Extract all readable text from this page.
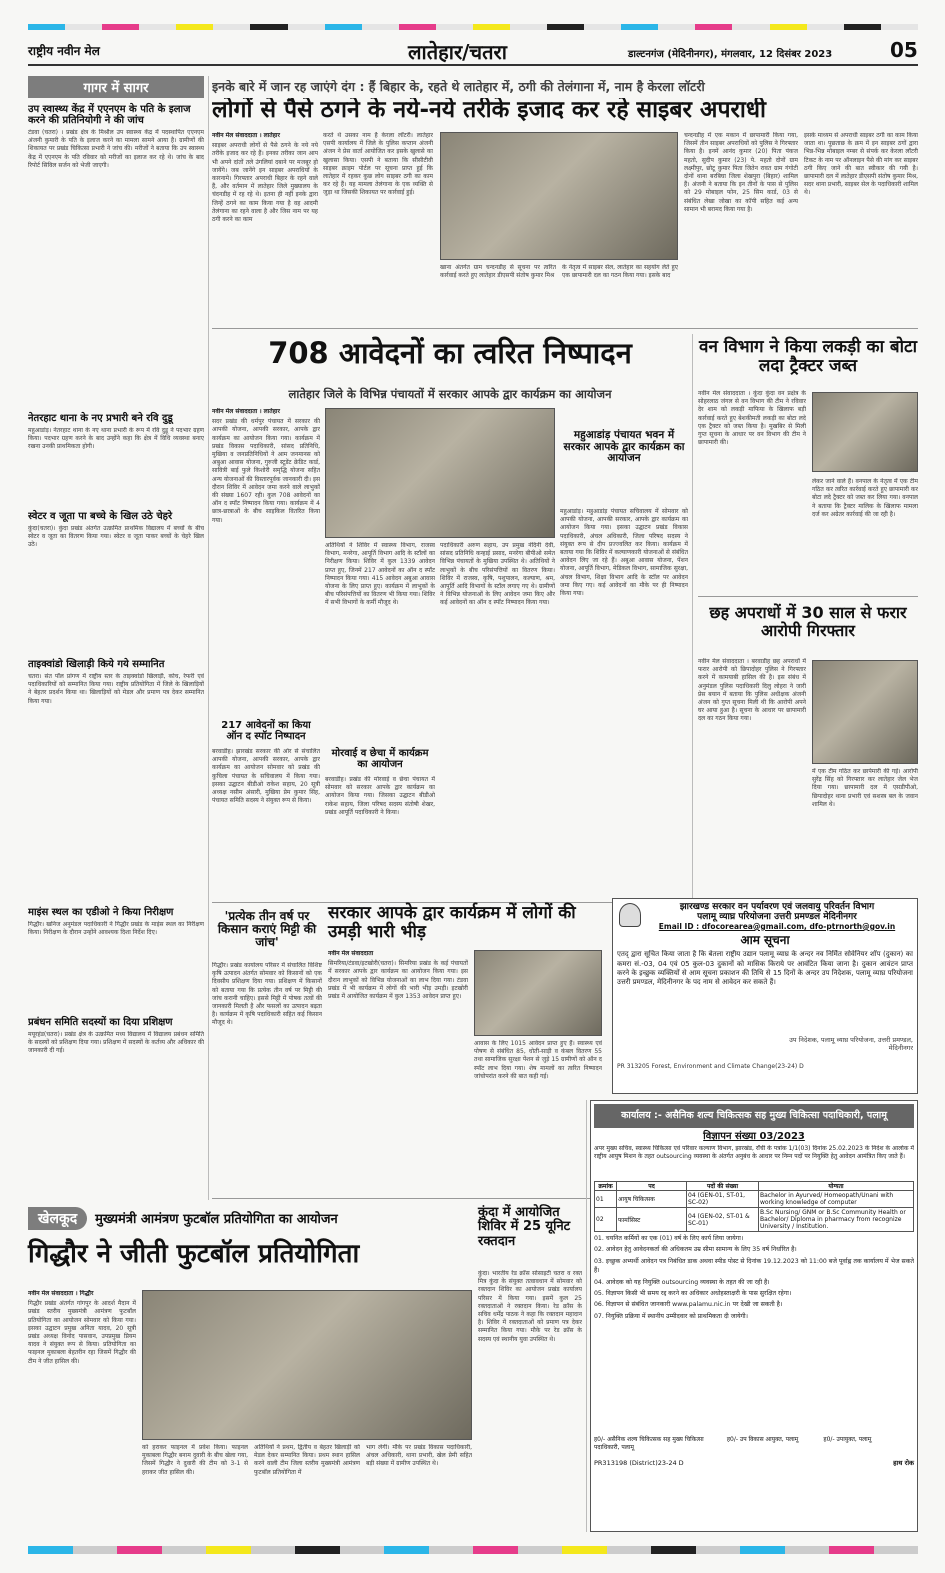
राष्ट्रीय नवीन मेल	लातेहार/चतरा	डाल्टनगंज (मेदिनीनगर), मंगलवार, 12 दिसंबर 2023	05
गागर में सागर
उप स्वास्थ्य केंद्र में एएनएम के पति के इलाज करने की प्रतिनियोगी ने की जांच
टंडवा (चतरा) । प्रखंड क्षेत्र के मिश्रौल उप स्वास्थ्य केंद्र में पदस्थापित एएनएम अंजनी कुमारी के पति के इलाज करने का मामला सामने आया है। ग्रामीणों की शिकायत पर प्रखंड चिकित्सा प्रभारी ने जांच की। मरीजों ने बताया कि उप स्वास्थ्य केंद्र में एएनएम के पति रविवार को मरीजों का इलाज कर रहे थे। जांच के बाद रिपोर्ट सिविल सर्जन को भेजी जाएगी।
नेतरहाट थाना के नए प्रभारी बने रवि दुडू
महुआडांड़। नेतरहाट थाना के नए थाना प्रभारी के रूप में रवि दुडू ने पदभार ग्रहण किया। पदभार ग्रहण करने के बाद उन्होंने कहा कि क्षेत्र में विधि व्यवस्था बनाए रखना उनकी प्राथमिकता होगी।
स्वेटर व जूता पा बच्चे के खिल उठे चेहरे
कुंदा(चतरा)। कुंदा प्रखंड अंतर्गत उत्क्रमित प्राथमिक विद्यालय में बच्चों के बीच स्वेटर व जूता का वितरण किया गया। स्वेटर व जूता पाकर बच्चों के चेहरे खिल उठे।
ताइक्वांडो खिलाड़ी किये गये सम्मानित
चतरा। संत पॉल प्रांगण में राष्ट्रीय स्तर के ताइक्वांडो खिलाड़ी, कोच, रेफरी एवं पदाधिकारियों को सम्मानित किया गया। राष्ट्रीय प्रतियोगिता में जिले के खिलाड़ियों ने बेहतर प्रदर्शन किया था। खिलाड़ियों को मेडल और प्रमाण पत्र देकर सम्मानित किया गया।
माइंस स्थल का एडीओ ने किया निरीक्षण
गिद्धौर। खनिज अनुमंडल पदाधिकारी ने गिद्धौर प्रखंड के माइंस स्थल का निरीक्षण किया। निरीक्षण के दौरान उन्होंने आवश्यक दिशा निर्देश दिए।
प्रबंधन समिति सदस्यों का दिया प्रशिक्षण
मयूरहंड(चतरा)। प्रखंड क्षेत्र के उत्क्रमित मध्य विद्यालय में विद्यालय प्रबंधन समिति के सदस्यों को प्रशिक्षण दिया गया। प्रशिक्षण में सदस्यों के कर्तव्य और अधिकार की जानकारी दी गई।
इनके बारे में जान रह जाएंगे दंग : हैं बिहार के, रहते थे लातेहार में, ठगी की तेलंगाना में, नाम है केरला लॉटरी
लोगों से पैसे ठगने के नये-नये तरीके इजाद कर रहे साइबर अपराधी

नवीन मेल संवाददाता । लातेहार

साइबर अपराधी लोगों से पैसे ठगने के नये नये तरीके इजाद कर रहे हैं। इनका तरीका जान आप भी अपने दांतों तले उंगलियां दबाने पर मजबूर हो जायेंगे। जब जानेंगे इन साइबर अपराधियों के कारनामे। गिरफ्तार अपराधी बिहार के रहने वाले हैं, और वर्तमान में लातेहार जिले मुख्यालय के चंदनडीह में रह रहे थे। इतना ही नहीं इनके द्वारा जिन्हें ठगने का काम किया गया है वह आदमी तेलंगाना का रहने वाला है और जिस नाम पर यह ठगी करने का काम

करते थे उसका नाम है केरला लॉटरी। लातेहार एसपी कार्यालय में जिले के पुलिस कप्तान अंजनी अंजन ने प्रेस वार्ता आयोजित कर इसके खुलासे का खुलासा किया। एसपी ने बताया कि सीसीटीवी साइबर क्राइम पोर्टल पर सूचना प्राप्त हुई कि लातेहार में रहकर कुछ लोग साइबर ठगी का काम कर रहे हैं। यह मामला तेलंगाना के एक व्यक्ति से जुड़ा था जिसकी शिकायत पर कार्रवाई हुई।
खाना अंतर्गत ग्राम चन्दनडीह से सूचना पर त्वरित कार्रवाई करते हुए लातेहार डीएसपी संतोष कुमार मिश्र
के नेतृत्व में साइबर सेल, लातेहार का सहयोग लेते हुए एक छापामारी दल का गठन किया गया। इसके बाद
चन्दनडीह में एक मकान में छापामारी किया गया, जिसमें तीन साइबर अपराधियों को पुलिस ने गिरफ्तार किया है। इनमें आनंद कुमार (20) पिता पंकज महतो, सुदीप कुमार (23) पे. महतो दोनों ग्राम लक्ष्मीपुर, छोटू कुमार पिता जितेन रावत ग्राम गंगोटी दोनों थाना बरबिघा जिला शेखपुरा (बिहार) शामिल हैं। अंजनी ने बताया कि इन तीनों के पास से पुलिस को 29 मोबाइल फोन, 25 सिम कार्ड, 03 से संबंधित लेखा जोखा का कॉपी सहित कई अन्य सामान भी बरामद किया गया है।
इसके माध्यम से अपराधी साइबर ठगी का काम किया जाता था। पूछताछ के क्रम में इन साइबर ठगों द्वारा भिन्न-भिन्न मोबाइल नम्बर से संपर्क कर केरला लॉटरी टिकट के नाम पर ऑनलाइन पैसे की मांग कर साइबर ठगी किए जाने की बात स्वीकार की गयी है। छापामारी दल में लातेहार डीएसपी संतोष कुमार मिश्र, सदर थाना प्रभारी, साइबर सेल के पदाधिकारी शामिल थे।
708 आवेदनों का त्वरित निष्पादन
लातेहार जिले के विभिन्न पंचायतों में सरकार आपके द्वार कार्यक्रम का आयोजन

नवीन मेल संवाददाता । लातेहार

सदर प्रखंड की धर्मपुर पंचायत में सरकार की आपकी योजना, आपकी सरकार, आपके द्वार कार्यक्रम का आयोजन किया गया। कार्यक्रम में प्रखंड विकास पदाधिकारी, सांसद प्रतिनिधि, मुखिया व जनप्रतिनिधियों ने आम जनमानस को अबुआ आवास योजना, गुरुजी स्टूडेंट क्रेडिट कार्ड, सावित्री बाई फुले किशोरी समृद्धि योजना सहित अन्य योजनाओं की विस्तारपूर्वक जानकारी दी। इस दौरान शिविर में आवेदन जमा करने वाले लाभुकों की संख्या 1607 रही। कुल 708 आवेदनों का ऑन द स्पॉट निष्पादन किया गया। कार्यक्रम में 4 छात्र-छात्राओं के बीच साइकिल वितरित किया गया।

217 आवेदनों का किया ऑन द स्पॉट निष्पादन
बरवाडीह। झारखंड सरकार की ओर से संचालित आपकी योजना, आपकी सरकार, आपके द्वार कार्यक्रम का आयोजन सोमवार को प्रखंड की कुचिला पंचायत के सचिवालय में किया गया। इसका उद्घाटन बीडीओ राकेश सहाय, 20 सूत्री अध्यक्ष नसीम अंसारी, मुखिया प्रेम कुमार सिंह, पंचायत समिति सदस्य ने संयुक्त रूप से किया।
अतिथियों ने शिविर में स्वास्थ्य विभाग, राजस्व विभाग, मनरेगा, आपूर्ति विभाग आदि के स्टॉलों का निरीक्षण किया। शिविर में कुल 1339 आवेदन प्राप्त हुए, जिनमें 217 आवेदनों का ऑन द स्पॉट निष्पादन किया गया। 415 आवेदन अबुआ आवास योजना के लिए प्राप्त हुए। कार्यक्रम में लाभुकों के बीच परिसंपत्तियों का वितरण भी किया गया। शिविर में सभी विभागों के कर्मी मौजूद थे।
मोरवाई व छेचा में कार्यक्रम का आयोजन
बरवाडीह। प्रखंड की मोरवाई व छेचा पंचायत में सोमवार को सरकार आपके द्वार कार्यक्रम का आयोजन किया गया। जिसका उद्घाटन बीडीओ राकेश सहाय, जिला परिषद सदस्य संतोषी शेखर, प्रखंड आपूर्ति पदाधिकारी ने किया।
पदाधिकारी अरुण सहाय, उप प्रमुख नंदिनी देवी, सांसद प्रतिनिधि कन्हाई प्रसाद, मनरेगा बीपीओ समेत विभिन्न पंचायतों के मुखिया उपस्थित थे। अतिथियों ने लाभुकों के बीच परिसंपत्तियों का वितरण किया। शिविर में राजस्व, कृषि, पशुपालन, कल्याण, श्रम, आपूर्ति आदि विभागों के स्टॉल लगाए गए थे। ग्रामीणों ने विभिन्न योजनाओं के लिए आवेदन जमा किए और कई आवेदनों का ऑन द स्पॉट निष्पादन किया गया।
महुआडांड़। महुआडांड़ पंचायत सचिवालय में सोमवार को आपकी योजना, आपकी सरकार, आपके द्वार कार्यक्रम का आयोजन किया गया। इसका उद्घाटन प्रखंड विकास पदाधिकारी, अंचल अधिकारी, जिला परिषद सदस्य ने संयुक्त रूप से दीप प्रज्ज्वलित कर किया। कार्यक्रम में बताया गया कि शिविर में कल्याणकारी योजनाओं से संबंधित आवेदन लिए जा रहे हैं। अबुआ आवास योजना, पेंशन योजना, आपूर्ति विभाग, मेडिकल विभाग, सामाजिक सुरक्षा, अंचल विभाग, शिक्षा विभाग आदि के स्टॉल पर आवेदन जमा किए गए। कई आवेदनों का मौके पर ही निष्पादन किया गया।
महुआडांड़ पंचायत भवन में सरकार आपके द्वार कार्यक्रम का आयोजन
वन विभाग ने किया लकड़ी का बोटा लदा ट्रैक्टर जब्त
नवीन मेल संवाददाता । कुंदा कुंदा वन प्रक्षेत्र के सोहरलाठ जंगल से वन विभाग की टीम ने रविवार देर शाम को लकड़ी माफिया के खिलाफ बड़ी कार्रवाई करते हुए बेशकीमती लकड़ी का बोटा लदे एक ट्रैक्टर को जब्त किया है। मुखबिर से मिली गुप्त सूचना के आधार पर वन विभाग की टीम ने छापामारी की।
लेकर जाने वाले हैं। वनपाल के नेतृत्व में एक टीम गठित कर त्वरित कार्रवाई करते हुए छापामारी कर बोटा लदे ट्रैक्टर को जब्त कर लिया गया। वनपाल ने बताया कि ट्रैक्टर मालिक के खिलाफ मामला दर्ज कर अग्रेतर कार्रवाई की जा रही है।
छह अपराधों में 30 साल से फरार आरोपी गिरफ्तार
नवीन मेल संवाददाता । बरवाडीह छह अपराधों में फरार आरोपी को छिपादोहर पुलिस ने गिरफ्तार करने में कामयाबी हासिल की है। इस संबंध में अनुमंडल पुलिस पदाधिकारी दिलु लोहरा ने जारी प्रेस बयान में बताया कि पुलिस अधीक्षक अंजनी अंजन को गुप्त सूचना मिली थी कि आरोपी अपने घर आया हुआ है। सूचना के आधार पर छापामारी दल का गठन किया गया।
में एक टीम गठित कर छापेमारी की गई। आरोपी सुरेंद्र सिंह को गिरफ्तार कर लातेहार जेल भेज दिया गया। छापामारी दल में एसडीपीओ, छिपादोहर थाना प्रभारी एवं सशस्त्र बल के जवान शामिल थे।
'प्रत्येक तीन वर्ष पर किसान कराएं मिट्टी की जांच'
गिद्धौर। प्रखंड कार्यालय परिसर में संचालित विशिष्ट कृषि उत्पादन अंतर्गत सोमवार को किसानों को एक दिवसीय प्रशिक्षण दिया गया। प्रशिक्षण में किसानों को बताया गया कि प्रत्येक तीन वर्ष पर मिट्टी की जांच करानी चाहिए। इससे मिट्टी में पोषक तत्वों की जानकारी मिलती है और फसलों का उत्पादन बढ़ता है। कार्यक्रम में कृषि पदाधिकारी सहित कई किसान मौजूद थे।
सरकार आपके द्वार कार्यक्रम में लोगों की उमड़ी भारी भीड़

नवीन मेल संवाददाता

सिमरिया/टंडवा/इटखोरी(चतरा)। सिमरिया प्रखंड के कई पंचायतों में सरकार आपके द्वार कार्यक्रम का आयोजन किया गया। इस दौरान लाभुकों को विभिन्न योजनाओं का लाभ दिया गया। टंडवा प्रखंड में भी कार्यक्रम में लोगों की भारी भीड़ उमड़ी। इटखोरी प्रखंड में आयोजित कार्यक्रम में कुल 1353 आवेदन प्राप्त हुए।

आवास के लिए 1015 आवेदन प्राप्त हुए हैं। स्वास्थ्य एवं पोषण से संबंधित 85, धोती-साड़ी व कंबल वितरण 55 तथा सामाजिक सुरक्षा पेंशन से जुड़े 15 ग्रामीणों को ऑन द स्पॉट लाभ दिया गया। शेष मामलों का त्वरित निष्पादन जांचोपरांत करने की बात कही गई।
झारखण्ड सरकार वन पर्यावरण एवं जलवायु परिवर्तन विभाग
पलामू व्याघ्र परियोजना उत्तरी प्रमण्डल मेदिनीनगर
Email ID : dfocorearea@gmail.com, dfo-ptrnorth@gov.in
आम सूचना
एतद् द्वारा सूचित किया जाता है कि बेतला राष्ट्रीय उद्यान पलामू व्याघ्र के अन्दर नव निर्मित सोवेनियर शॉप (दुकान) का कमरा सं.-03, 04 एवं 05 कुल-03 दुकानों को मासिक किराये पर आवंटित किया जाना है। दुकान आवंटन प्राप्त करने के इच्छुक व्यक्तियों से आम सूचना प्रकाशन की तिथि से 15 दिनों के अन्दर उप निदेशक, पलामू व्याघ्र परियोजना उत्तरी प्रमण्डल, मेदिनीनगर के पद नाम से आवेदन कर सकते हैं।
उप निदेशक, पलामू व्याघ्र परियोजना, उत्तरी प्रमण्डल, मेदिनीनगर
PR 313205 Forest, Environment and Climate Change(23-24) D
खेलकूद	मुख्यमंत्री आमंत्रण फुटबॉल प्रतियोगिता का आयोजन
गिद्धौर ने जीती फुटबॉल प्रतियोगिता

नवीन मेल संवाददाता । गिद्धौर

गिद्धौर प्रखंड अंतर्गत गांगपुर के आदर्श मैदान में प्रखंड स्तरीय मुख्यमंत्री आमंत्रण फुटबॉल प्रतियोगिता का आयोजन सोमवार को किया गया। इसका उद्घाटन प्रमुख अनिता यादव, 20 सूत्री प्रखंड अध्यक्ष विनोद पासवान, उपप्रमुख प्रियम यादव ने संयुक्त रूप से किया। प्रतियोगिता का फाइनल मुकाबला बेहतरीन रहा जिसमें गिद्धौर की टीम ने जीत हासिल की।

को हराकर फाइनल में प्रवेश किया। फाइनल मुकाबला गिद्धौर बनाम दुवारी के बीच खेला गया, जिसमें गिद्धौर ने दुवारी की टीम को 3-1 से हराकर जीत हासिल की।
अतिथियों ने प्रथम, द्वितीय व बेहतर खिलाड़ी को मेडल देकर सम्मानित किया। प्रथम स्थान हासिल करने वाली टीम जिला स्तरीय मुख्यमंत्री आमंत्रण फुटबॉल प्रतियोगिता में
भाग लेगी। मौके पर प्रखंड विकास पदाधिकारी, अंचल अधिकारी, थाना प्रभारी, खेल प्रेमी सहित बड़ी संख्या में ग्रामीण उपस्थित थे।
कुंदा में आयोजित शिविर में 25 यूनिट रक्तदान
कुंदा। भारतीय रेड क्रॉस सोसाइटी चतरा व रक्त मित्र कुंदा के संयुक्त तत्वावधान में सोमवार को रक्तदान शिविर का आयोजन प्रखंड कार्यालय परिसर में किया गया। इसमें कुल 25 रक्तदाताओं ने रक्तदान किया। रेड क्रॉस के सचिव धर्मेंद्र पाठक ने कहा कि रक्तदान महादान है। शिविर में रक्तदाताओं को प्रमाण पत्र देकर सम्मानित किया गया। मौके पर रेड क्रॉस के सदस्य एवं स्थानीय युवा उपस्थित थे।
कार्यालय :- असैनिक शल्य चिकित्सक सह मुख्य चिकित्सा पदाधिकारी, पलामू
विज्ञापन संख्या 03/2023
अपर मुख्य सचिव, स्वास्थ्य चिकित्सा एवं परिवार कल्याण विभाग, झारखंड, राँची के पत्रांक 1/1(03) दिनांक 25.02.2023 के निदेश के आलोक में राष्ट्रीय आयुष मिशन के तहत outsourcing व्यवस्था के अंतर्गत अनुबंध के आधार पर निम्न पदों पर नियुक्ति हेतु आवेदन आमंत्रित किए जाते हैं।
क्रमांक	पद	पदों की संख्या	योग्यता
01	आयुष चिकित्सक	04 (GEN-01, ST-01, SC-02)	Bachelor in Ayurved/ Homeopath/Unani with working knowledge of computer
02	फार्मासिस्ट	04 (GEN-02, ST-01 & SC-01)	B.Sc Nursing/ GNM or B.Sc Community Health or Bachelor/ Diploma in pharmacy from recognize University / Institution.

01. चयनित कर्मियों का एक (01) वर्ष के लिए कार्य लिया जायेगा।

02. आवेदन हेतु आवेदनकर्ता की अधिकतम उम्र सीमा सामान्य के लिए 35 वर्ष निर्धारित है।

03. इच्छुक अभ्यर्थी आवेदन पत्र निबंधित डाक अथवा स्पीड पोस्ट से दिनांक 19.12.2023 को 11:00 बजे पूर्वाह्न तक कार्यालय में भेज सकते हैं।

04. आवेदक को यह नियुक्ति outsourcing व्यवस्था के तहत की जा रही है।

05. विज्ञापन किसी भी समय रद्द करने का अधिकार अधोहस्ताक्षरी के पास सुरक्षित रहेगा।

06. विज्ञापन से संबंधित जानकारी www.palamu.nic.in पर देखी जा सकती है।

07. नियुक्ति प्रक्रिया में स्थानीय उम्मीदवार को प्राथमिकता दी जायेगी।

ह0/- असैनिक शल्य चिकित्सक सह मुख्य चिकित्सा पदाधिकारी, पलामू
ह0/- उप विकास आयुक्त, पलामू	ह0/- उपायुक्त, पलामू
PR313198 (District)23-24 D	हाथ रोक
